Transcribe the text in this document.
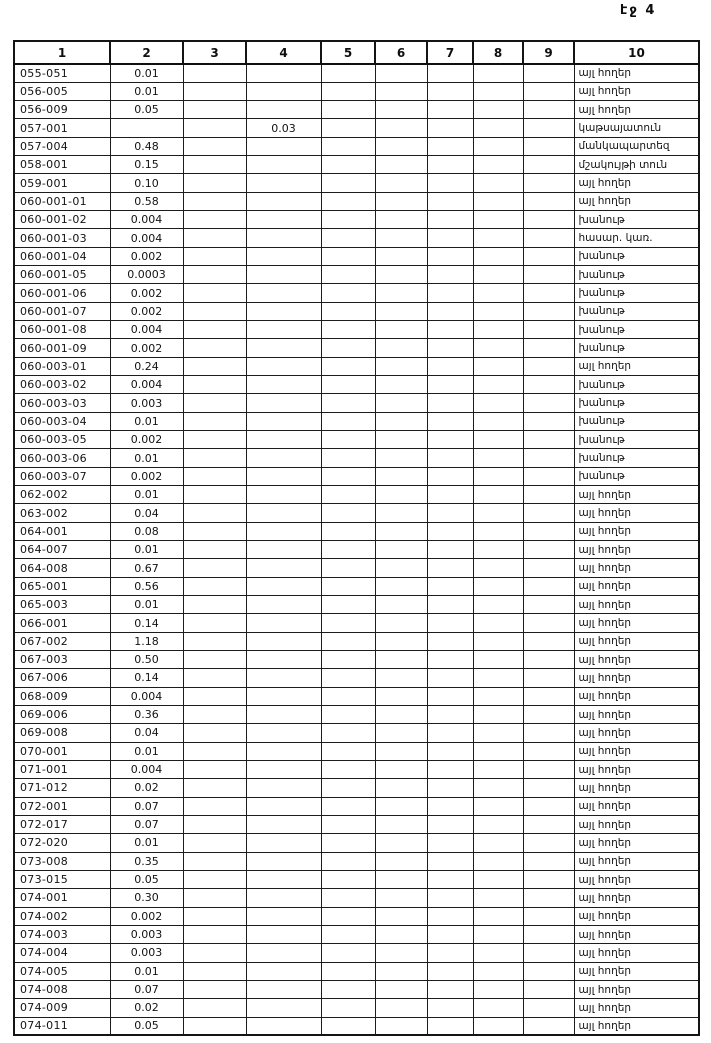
էջ 4
1	2	3	4	5	6	7	8	9	10
055-051	0.01								այլ հողեր
056-005	0.01								այլ հողեր
056-009	0.05								այլ հողեր
057-001			0.03						կաթսայատուն
057-004	0.48								մանկապարտեզ
058-001	0.15								մշակույթի տուն
059-001	0.10								այլ հողեր
060-001-01	0.58								այլ հողեր
060-001-02	0.004								խանութ
060-001-03	0.004								հասար. կառ.
060-001-04	0.002								խանութ
060-001-05	0.0003								խանութ
060-001-06	0.002								խանութ
060-001-07	0.002								խանութ
060-001-08	0.004								խանութ
060-001-09	0.002								խանութ
060-003-01	0.24								այլ հողեր
060-003-02	0.004								խանութ
060-003-03	0.003								խանութ
060-003-04	0.01								խանութ
060-003-05	0.002								խանութ
060-003-06	0.01								խանութ
060-003-07	0.002								խանութ
062-002	0.01								այլ հողեր
063-002	0.04								այլ հողեր
064-001	0.08								այլ հողեր
064-007	0.01								այլ հողեր
064-008	0.67								այլ հողեր
065-001	0.56								այլ հողեր
065-003	0.01								այլ հողեր
066-001	0.14								այլ հողեր
067-002	1.18								այլ հողեր
067-003	0.50								այլ հողեր
067-006	0.14								այլ հողեր
068-009	0.004								այլ հողեր
069-006	0.36								այլ հողեր
069-008	0.04								այլ հողեր
070-001	0.01								այլ հողեր
071-001	0.004								այլ հողեր
071-012	0.02								այլ հողեր
072-001	0.07								այլ հողեր
072-017	0.07								այլ հողեր
072-020	0.01								այլ հողեր
073-008	0.35								այլ հողեր
073-015	0.05								այլ հողեր
074-001	0.30								այլ հողեր
074-002	0.002								այլ հողեր
074-003	0.003								այլ հողեր
074-004	0.003								այլ հողեր
074-005	0.01								այլ հողեր
074-008	0.07								այլ հողեր
074-009	0.02								այլ հողեր
074-011	0.05								այլ հողեր
